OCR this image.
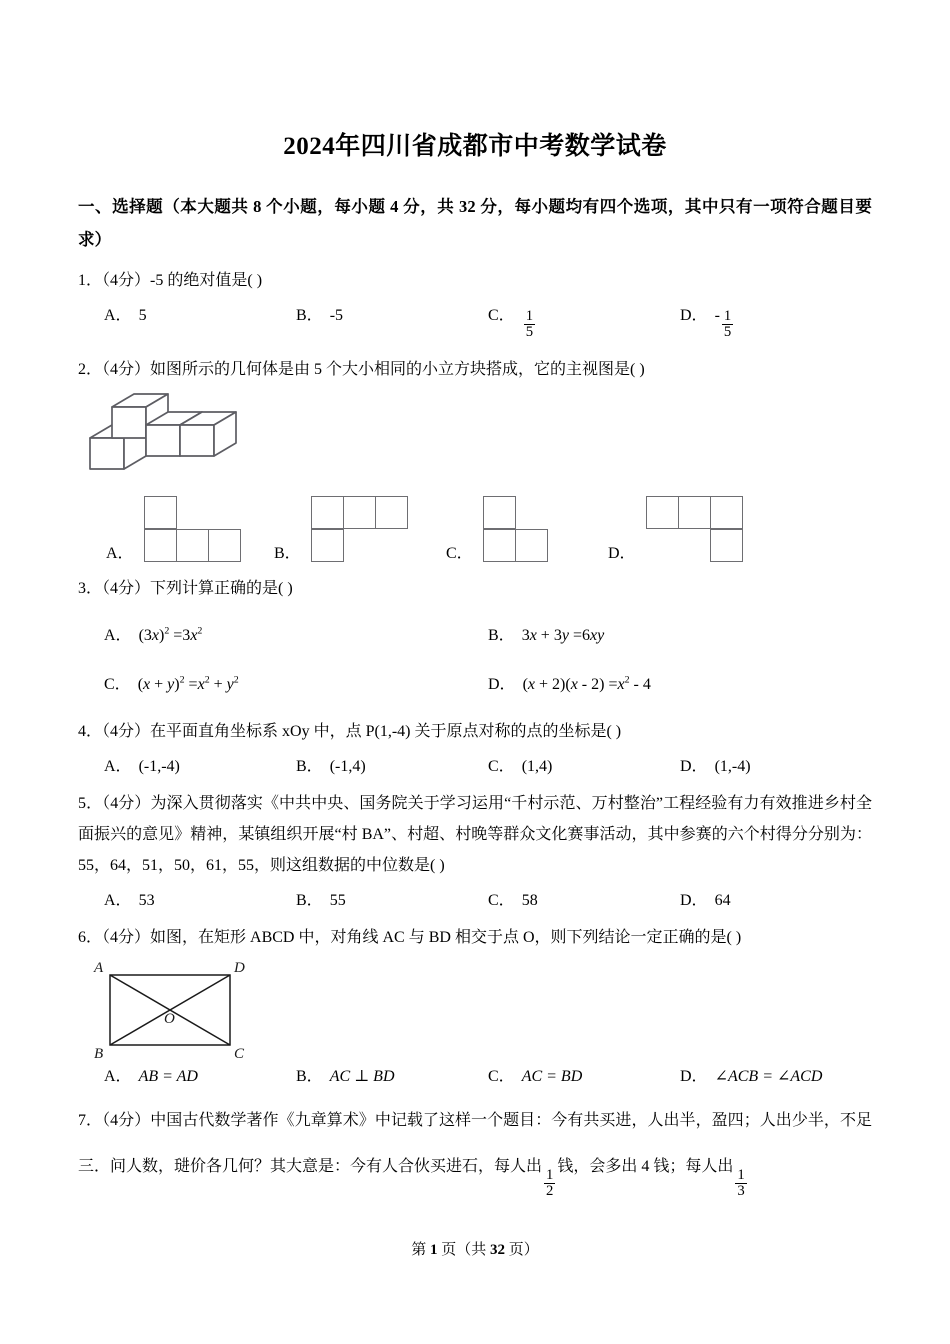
2024年四川省成都市中考数学试卷
一、选择题（本大题共 8 个小题，每小题 4 分，共 32 分，每小题均有四个选项，其中只有一项符合题目要求）
1．（4分）-5 的绝对值是( )
A． 5	B． -5	C． $\frac{1}{5}$	D． - $\frac{1}{5}$
2．（4分）如图所示的几何体是由 5 个大小相同的小立方块搭成，它的主视图是( )
A．	B．	C．	D．
3．（4分）下列计算正确的是( )
A． $(3x)^2 =3x^2$	B． 3x + 3y =6xy
C． $(x + y)^2 =x^2 + y^2$	D． $(x + 2)(x - 2) =x^2 - 4$
4．（4分）在平面直角坐标系 xOy 中，点 P(1,-4) 关于原点对称的点的坐标是( )
A． (-1,-4)	B． (-1,4)	C． (1,4)	D． (1,-4)
5．（4分）为深入贯彻落实《中共中央、国务院关于学习运用“千村示范、万村整治”工程经验有力有效推进乡村全面振兴的意见》精神，某镇组织开展“村 BA”、村超、村晚等群众文化赛事活动，其中参赛的六个村得分分别为：55，64，51，50，61，55，则这组数据的中位数是( )
A． 53	B． 55	C． 58	D． 64
6．（4分）如图，在矩形 ABCD 中，对角线 AC 与 BD 相交于点 O，则下列结论一定正确的是( )
A	D
O
B	C
A． AB = AD	B． AC ⊥ BD	C． AC = BD	D． ∠ACB = ∠ACD
7．（4分）中国古代数学著作《九章算术》中记载了这样一个题目：今有共买进，人出半，盈四；人出少半，不足三．问人数，琎价各几何？其大意是：今有人合伙买进石，每人出
$\frac{1}{2}$
钱，会多出 4 钱；每人出
$\frac{1}{3}$
第 1 页（共 32 页）
